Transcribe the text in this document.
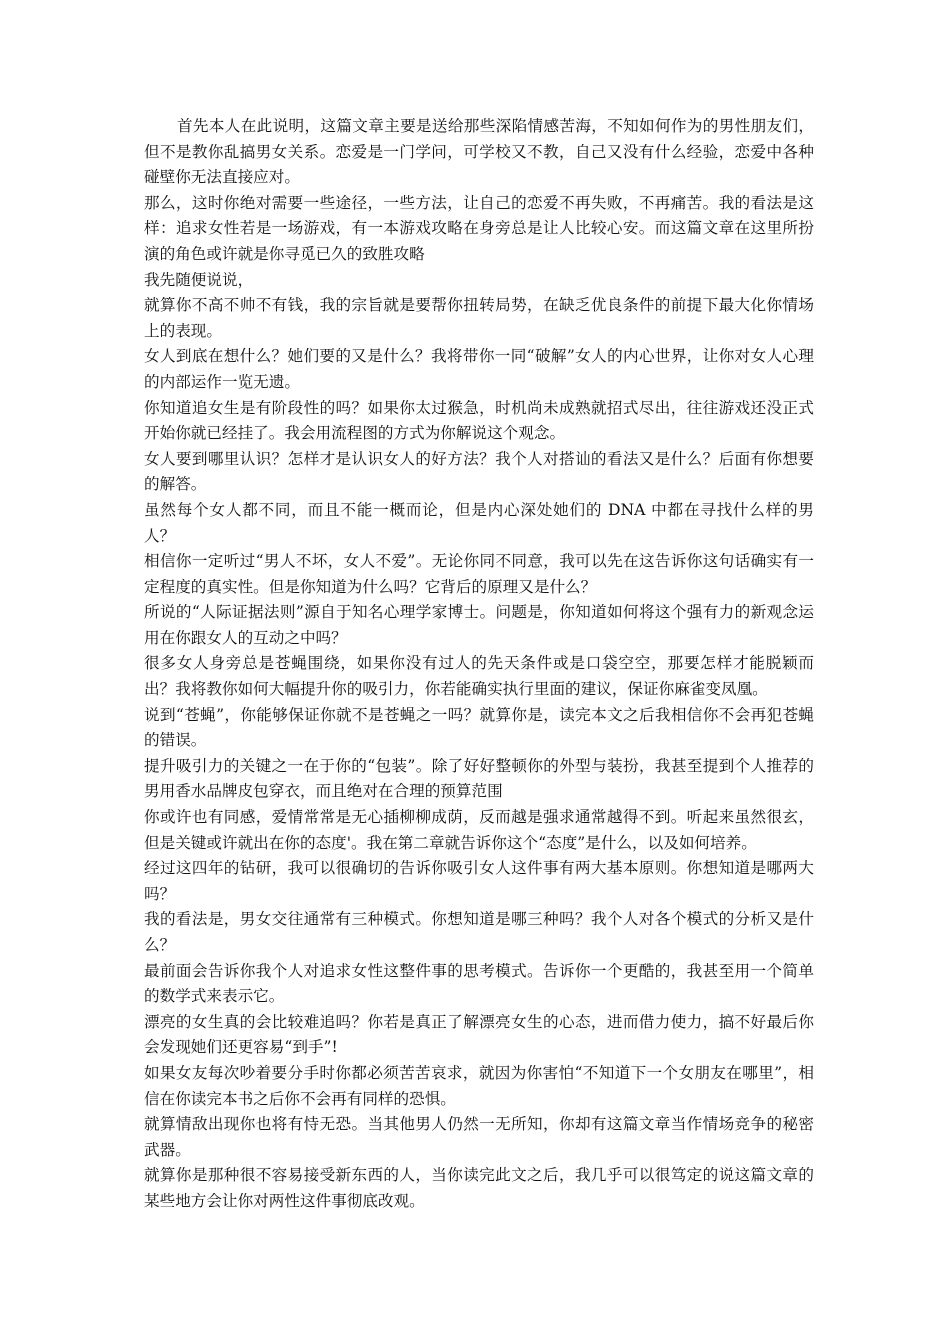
首先本人在此说明，这篇文章主要是送给那些深陷情感苦海，不知如何作为的男性朋友们，但不是教你乱搞男女关系。恋爱是一门学问，可学校又不教，自己又没有什么经验，恋爱中各种碰壁你无法直接应对。

那么，这时你绝对需要一些途径，一些方法，让自己的恋爱不再失败，不再痛苦。我的看法是这样：追求女性若是一场游戏，有一本游戏攻略在身旁总是让人比较心安。而这篇文章在这里所扮演的角色或许就是你寻觅已久的致胜攻略

我先随便说说，

就算你不高不帅不有钱，我的宗旨就是要帮你扭转局势，在缺乏优良条件的前提下最大化你情场上的表现。

女人到底在想什么？她们要的又是什么？我将带你一同“破解”女人的内心世界，让你对女人心理的内部运作一览无遗。

你知道追女生是有阶段性的吗？如果你太过猴急，时机尚未成熟就招式尽出，往往游戏还没正式开始你就已经挂了。我会用流程图的方式为你解说这个观念。

女人要到哪里认识？怎样才是认识女人的好方法？我个人对搭讪的看法又是什么？后面有你想要的解答。

虽然每个女人都不同，而且不能一概而论，但是内心深处她们的 DNA 中都在寻找什么样的男人？

相信你一定听过“男人不坏，女人不爱”。无论你同不同意，我可以先在这告诉你这句话确实有一定程度的真实性。但是你知道为什么吗？它背后的原理又是什么？

所说的“人际证据法则”源自于知名心理学家博士。问题是，你知道如何将这个强有力的新观念运用在你跟女人的互动之中吗？

很多女人身旁总是苍蝇围绕，如果你没有过人的先天条件或是口袋空空，那要怎样才能脱颖而出？我将教你如何大幅提升你的吸引力，你若能确实执行里面的建议，保证你麻雀变凤凰。

说到“苍蝇”，你能够保证你就不是苍蝇之一吗？就算你是，读完本文之后我相信你不会再犯苍蝇的错误。

提升吸引力的关键之一在于你的“包装”。除了好好整顿你的外型与装扮，我甚至提到个人推荐的男用香水品牌皮包穿衣，而且绝对在合理的预算范围

你或许也有同感，爱情常常是无心插柳柳成荫，反而越是强求通常越得不到。听起来虽然很玄，但是关键或许就出在你的态度'。我在第二章就告诉你这个“态度”是什么，以及如何培养。

经过这四年的钻研，我可以很确切的告诉你吸引女人这件事有两大基本原则。你想知道是哪两大吗？

我的看法是，男女交往通常有三种模式。你想知道是哪三种吗？我个人对各个模式的分析又是什么？

最前面会告诉你我个人对追求女性这整件事的思考模式。告诉你一个更酷的，我甚至用一个简单的数学式来表示它。

漂亮的女生真的会比较难追吗？你若是真正了解漂亮女生的心态，进而借力使力，搞不好最后你会发现她们还更容易“到手”!

如果女友每次吵着要分手时你都必须苦苦哀求，就因为你害怕“不知道下一个女朋友在哪里”，相信在你读完本书之后你不会再有同样的恐惧。

就算情敌出现你也将有恃无恐。当其他男人仍然一无所知，你却有这篇文章当作情场竞争的秘密武器。

就算你是那种很不容易接受新东西的人，当你读完此文之后，我几乎可以很笃定的说这篇文章的某些地方会让你对两性这件事彻底改观。
